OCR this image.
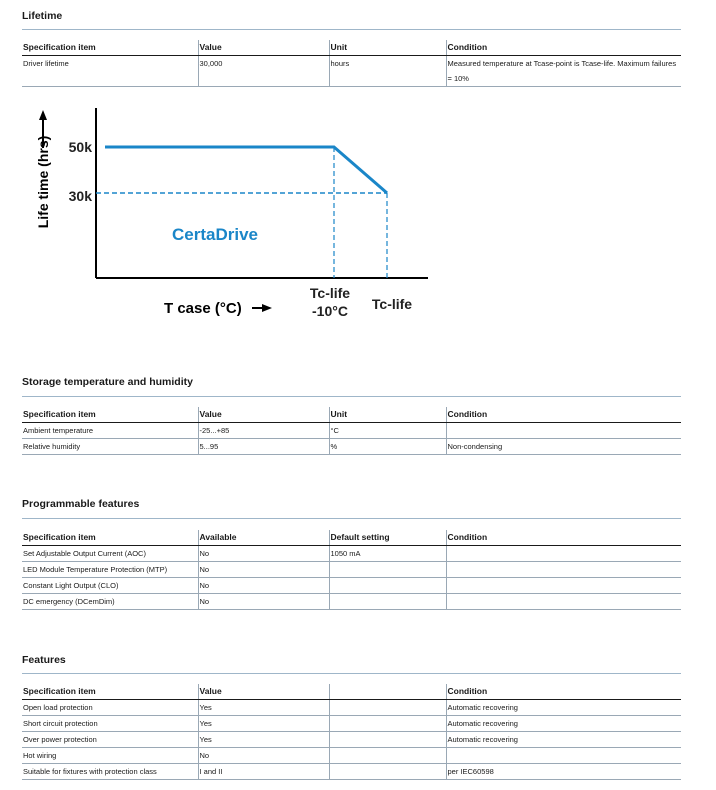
Lifetime
Specification item	Value	Unit	Condition
Driver lifetime	30,000	hours	Measured temperature at Tcase-point is Tcase-life. Maximum failures = 10%
Life time (hrs) 50k
30k
CertaDrive
T case (°C)
Tc-life
-10°C Tc-life
Storage temperature and humidity
Specification item	Value	Unit	Condition
Ambient temperature	-25...+85	°C	
Relative humidity	5...95	%	Non-condensing
Programmable features
Specification item	Available	Default setting	Condition
Set Adjustable Output Current (AOC)	No	1050 mA	
LED Module Temperature Protection (MTP)	No		
Constant Light Output (CLO)	No		
DC emergency (DCemDim)	No		
Features
Specification item	Value		Condition
Open load protection	Yes		Automatic recovering
Short circuit protection	Yes		Automatic recovering
Over power protection	Yes		Automatic recovering
Hot wiring	No		
Suitable for fixtures with protection class	I and II		per IEC60598
